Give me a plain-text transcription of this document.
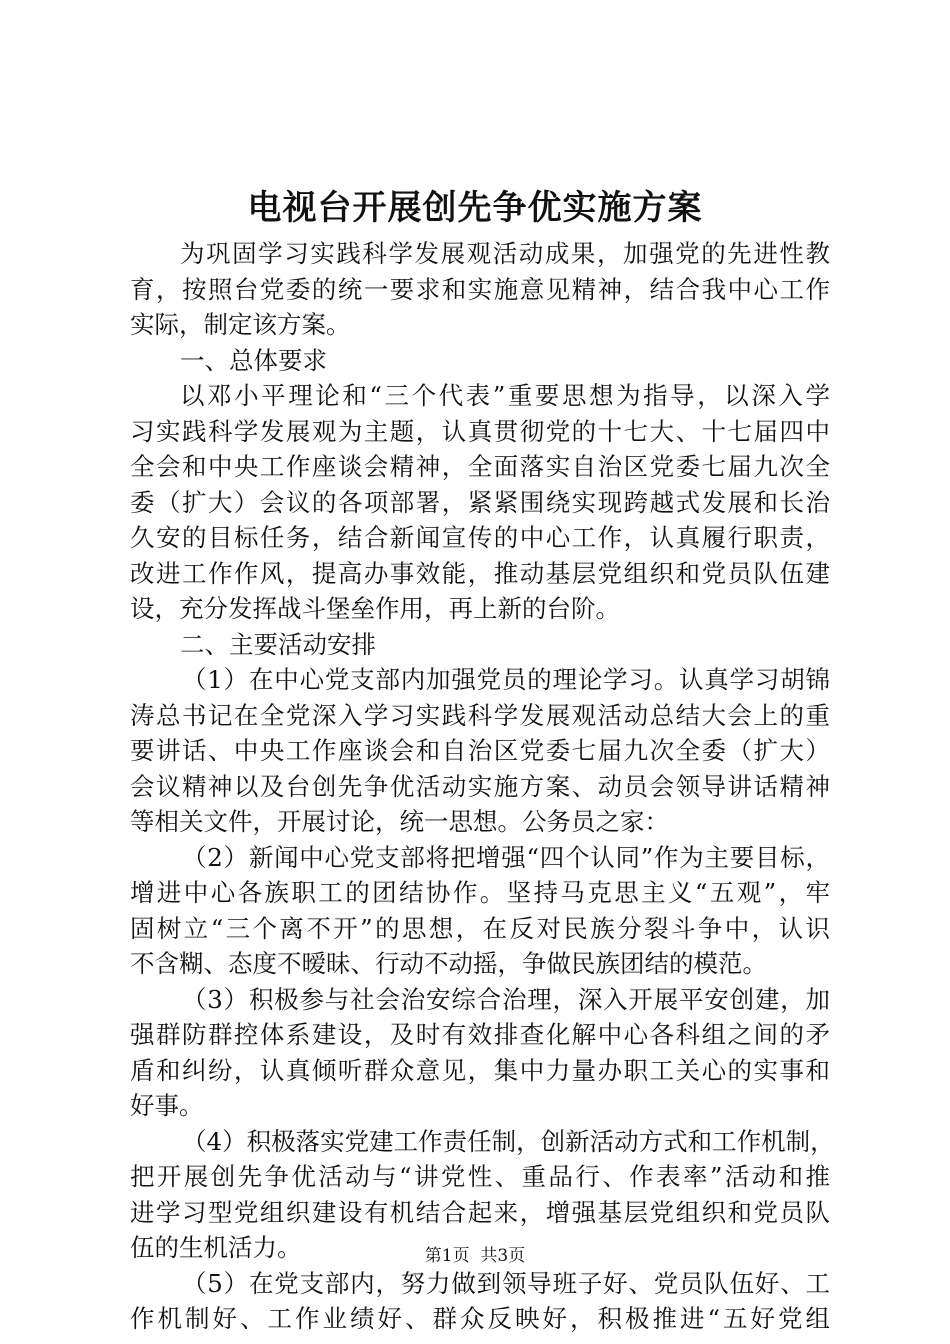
电视台开展创先争优实施方案
为巩固学习实践科学发展观活动成果，加强党的先进性教
育，按照台党委的统一要求和实施意见精神，结合我中心工作
实际，制定该方案。
一、总体要求
以邓小平理论和“三个代表”重要思想为指导，以深入学
习实践科学发展观为主题，认真贯彻党的十七大、十七届四中
全会和中央工作座谈会精神，全面落实自治区党委七届九次全
委（扩大）会议的各项部署，紧紧围绕实现跨越式发展和长治
久安的目标任务，结合新闻宣传的中心工作，认真履行职责，
改进工作作风，提高办事效能，推动基层党组织和党员队伍建
设，充分发挥战斗堡垒作用，再上新的台阶。
二、主要活动安排
（1）在中心党支部内加强党员的理论学习。认真学习胡锦
涛总书记在全党深入学习实践科学发展观活动总结大会上的重
要讲话、中央工作座谈会和自治区党委七届九次全委（扩大）
会议精神以及台创先争优活动实施方案、动员会领导讲话精神
等相关文件，开展讨论，统一思想。公务员之家：
（2）新闻中心党支部将把增强“四个认同”作为主要目标，
增进中心各族职工的团结协作。坚持马克思主义“五观”，牢
固树立“三个离不开”的思想，在反对民族分裂斗争中，认识
不含糊、态度不暧昧、行动不动摇，争做民族团结的模范。
（3）积极参与社会治安综合治理，深入开展平安创建，加
强群防群控体系建设，及时有效排查化解中心各科组之间的矛
盾和纠纷，认真倾听群众意见，集中力量办职工关心的实事和
好事。
（4）积极落实党建工作责任制，创新活动方式和工作机制，
把开展创先争优活动与“讲党性、重品行、作表率”活动和推
进学习型党组织建设有机结合起来，增强基层党组织和党员队
伍的生机活力。
（5）在党支部内，努力做到领导班子好、党员队伍好、工
作机制好、工作业绩好、群众反映好，积极推进“五好党组
第1页  共3页
